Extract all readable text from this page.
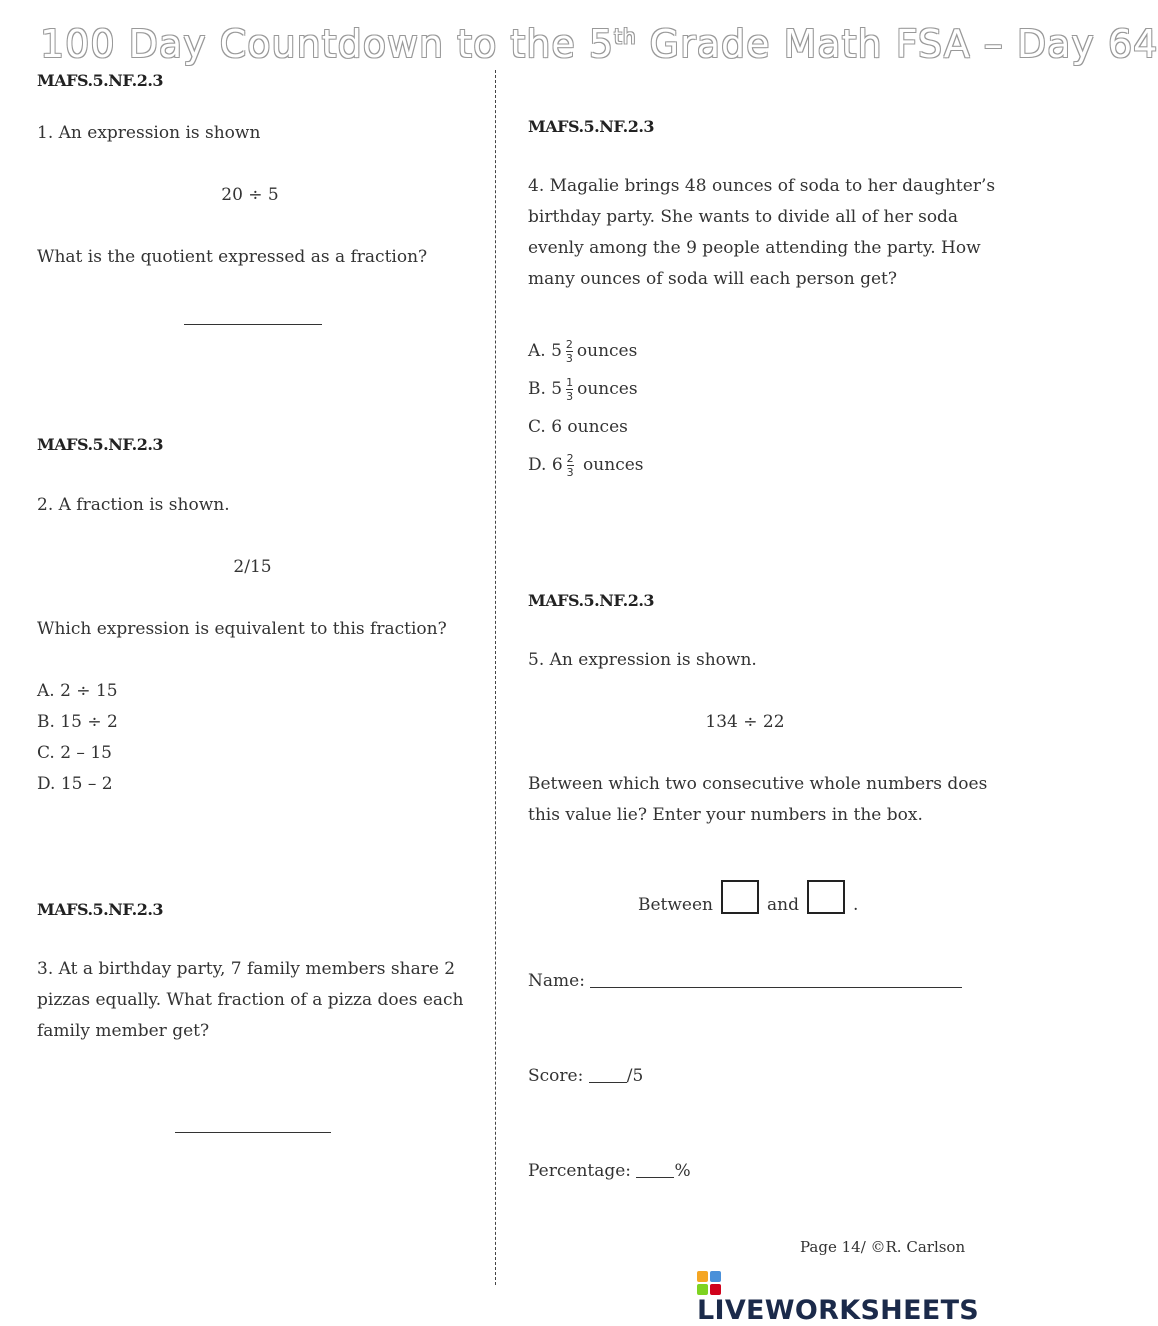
100 Day Countdown to the 5th Grade Math FSA – Day 64
MAFS.5.NF.2.3
1. An expression is shown
20 ÷ 5
What is the quotient expressed as a fraction?
MAFS.5.NF.2.3
2. A fraction is shown.
2/15
Which expression is equivalent to this fraction?
A. 2 ÷ 15
B. 15 ÷ 2
C. 2 – 15
D. 15 – 2
MAFS.5.NF.2.3
3. At a birthday party, 7 family members share 2
pizzas equally. What fraction of a pizza does each
family member get?
MAFS.5.NF.2.3
4. Magalie brings 48 ounces of soda to her daughter’s
birthday party. She wants to divide all of her soda
evenly among the 9 people attending the party. How
many ounces of soda will each person get?
A. $5 \frac{2}{3}$ ounces
B. $5 \frac{1}{3}$ ounces
C. 6 ounces
D. $6 \frac{2}{3}$ ounces
MAFS.5.NF.2.3
5. An expression is shown.
134 ÷ 22
Between which two consecutive whole numbers does
this value lie? Enter your numbers in the box.
Between	and	.
Name:
Score:	/5
Percentage:	%
Page 14/ ©R. Carlson
LIVEWORKSHEETS
